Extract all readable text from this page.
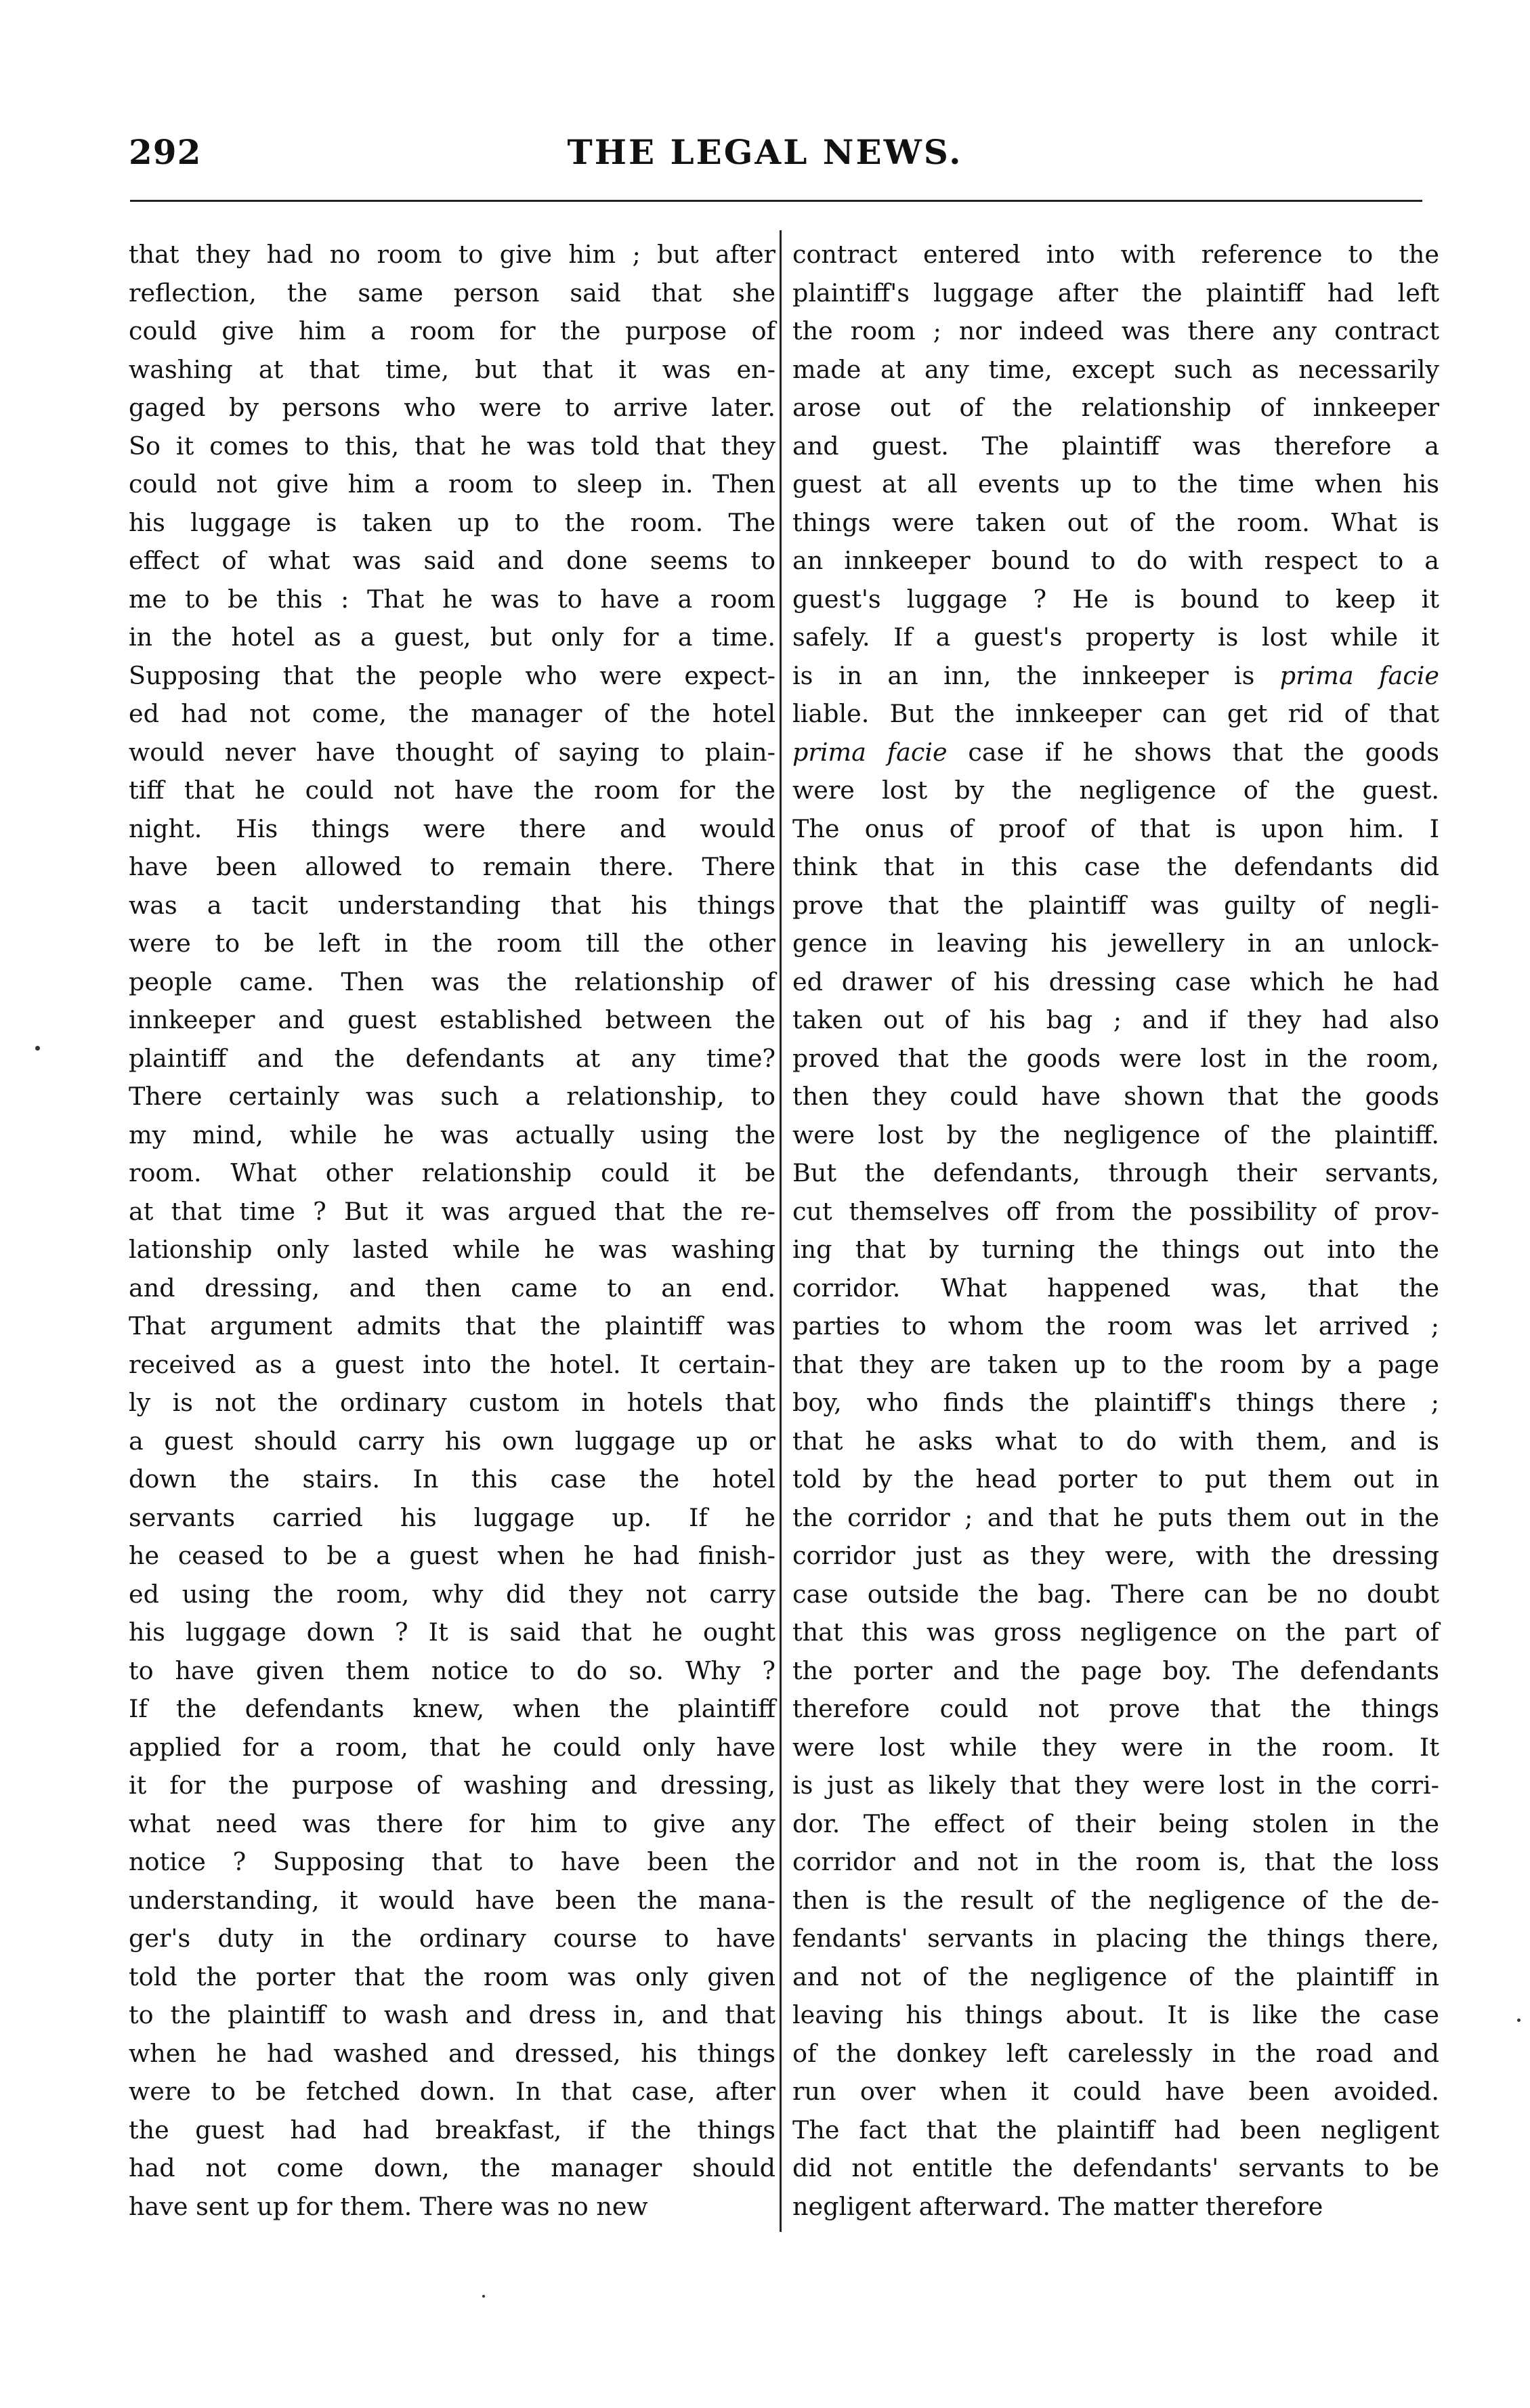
292	THE LEGAL NEWS.
that they had no room to give him ; but after
reflection, the same person said that she
could give him a room for the purpose of
washing at that time, but that it was en-
gaged by persons who were to arrive later.
So it comes to this, that he was told that they
could not give him a room to sleep in. Then
his luggage is taken up to the room. The
effect of what was said and done seems to
me to be this : That he was to have a room
in the hotel as a guest, but only for a time.
Supposing that the people who were expect-
ed had not come, the manager of the hotel
would never have thought of saying to plain-
tiff that he could not have the room for the
night. His things were there and would
have been allowed to remain there. There
was a tacit understanding that his things
were to be left in the room till the other
people came. Then was the relationship of
innkeeper and guest established between the
plaintiff and the defendants at any time?
There certainly was such a relationship, to
my mind, while he was actually using the
room. What other relationship could it be
at that time ? But it was argued that the re-
lationship only lasted while he was washing
and dressing, and then came to an end.
That argument admits that the plaintiff was
received as a guest into the hotel. It certain-
ly is not the ordinary custom in hotels that
a guest should carry his own luggage up or
down the stairs. In this case the hotel
servants carried his luggage up. If he
he ceased to be a guest when he had finish-
ed using the room, why did they not carry
his luggage down ? It is said that he ought
to have given them notice to do so. Why ?
If the defendants knew, when the plaintiff
applied for a room, that he could only have
it for the purpose of washing and dressing,
what need was there for him to give any
notice ? Supposing that to have been the
understanding, it would have been the mana-
ger's duty in the ordinary course to have
told the porter that the room was only given
to the plaintiff to wash and dress in, and that
when he had washed and dressed, his things
were to be fetched down. In that case, after
the guest had had breakfast, if the things
had not come down, the manager should
have sent up for them. There was no new
contract entered into with reference to the
plaintiff's luggage after the plaintiff had left
the room ; nor indeed was there any contract
made at any time, except such as necessarily
arose out of the relationship of innkeeper
and guest. The plaintiff was therefore a
guest at all events up to the time when his
things were taken out of the room. What is
an innkeeper bound to do with respect to a
guest's luggage ? He is bound to keep it
safely. If a guest's property is lost while it
is in an inn, the innkeeper is prima facie
liable. But the innkeeper can get rid of that
prima facie case if he shows that the goods
were lost by the negligence of the guest.
The onus of proof of that is upon him. I
think that in this case the defendants did
prove that the plaintiff was guilty of negli-
gence in leaving his jewellery in an unlock-
ed drawer of his dressing case which he had
taken out of his bag ; and if they had also
proved that the goods were lost in the room,
then they could have shown that the goods
were lost by the negligence of the plaintiff.
But the defendants, through their servants,
cut themselves off from the possibility of prov-
ing that by turning the things out into the
corridor. What happened was, that the
parties to whom the room was let arrived ;
that they are taken up to the room by a page
boy, who finds the plaintiff's things there ;
that he asks what to do with them, and is
told by the head porter to put them out in
the corridor ; and that he puts them out in the
corridor just as they were, with the dressing
case outside the bag. There can be no doubt
that this was gross negligence on the part of
the porter and the page boy. The defendants
therefore could not prove that the things
were lost while they were in the room. It
is just as likely that they were lost in the corri-
dor. The effect of their being stolen in the
corridor and not in the room is, that the loss
then is the result of the negligence of the de-
fendants' servants in placing the things there,
and not of the negligence of the plaintiff in
leaving his things about. It is like the case
of the donkey left carelessly in the road and
run over when it could have been avoided.
The fact that the plaintiff had been negligent
did not entitle the defendants' servants to be
negligent afterward. The matter therefore
